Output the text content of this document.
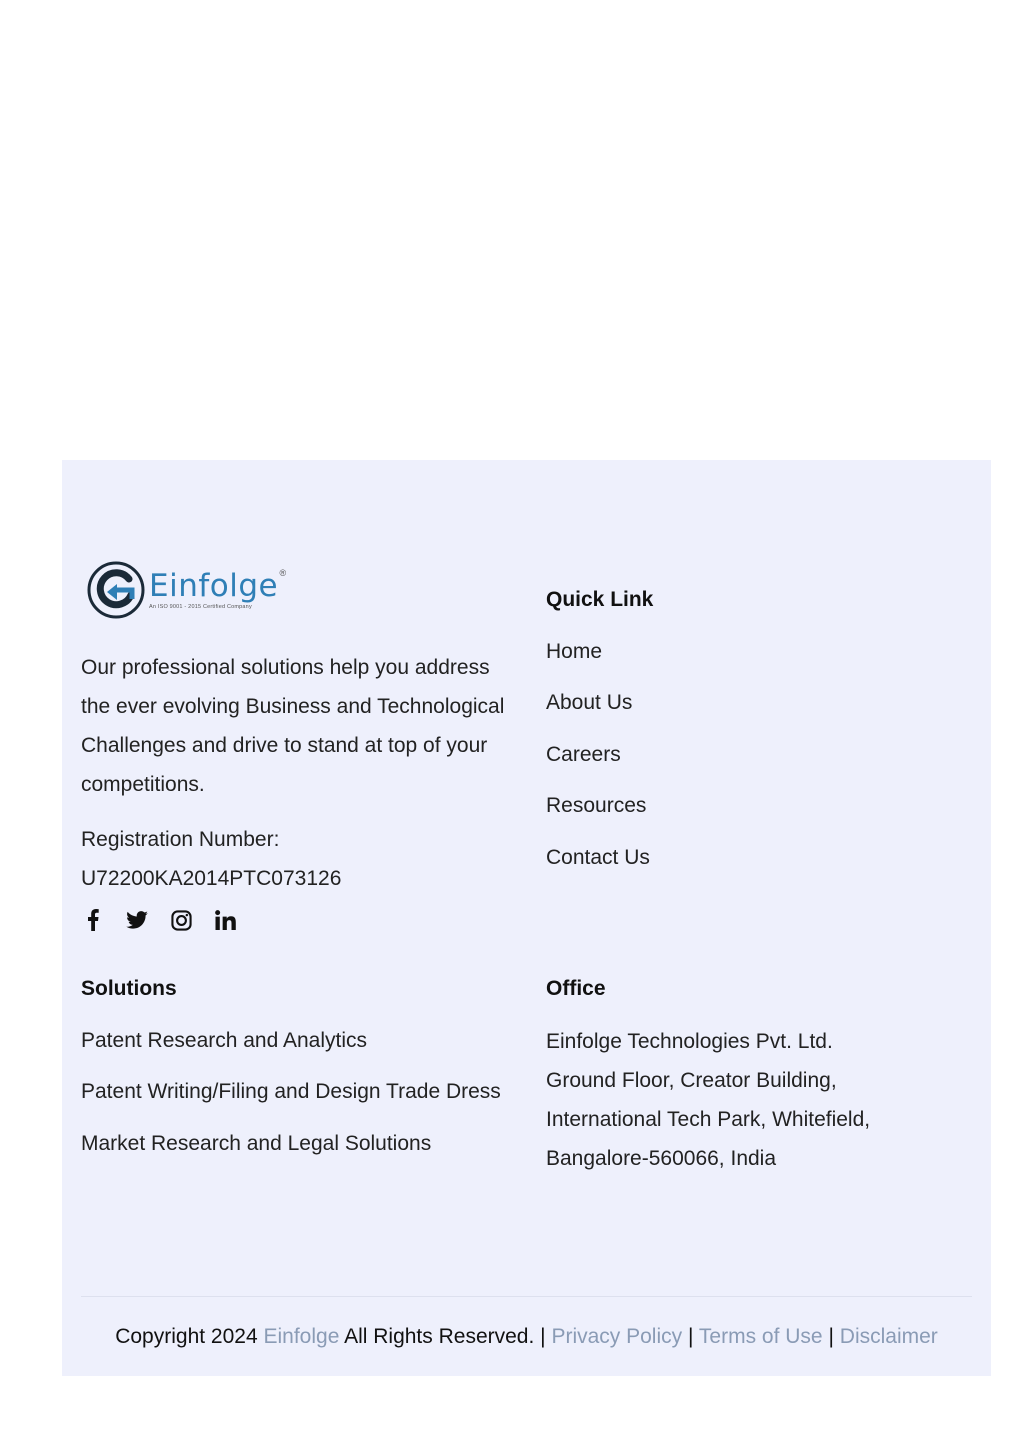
Einfolge ®
An ISO 9001 - 2015 Certified Company
Our professional solutions help you address the ever evolving Business and Technological Challenges and drive to stand at top of your competitions.
Registration Number:
U72200KA2014PTC073126
Quick Link
Home
About Us
Careers
Resources
Contact Us
Solutions
Patent Research and Analytics
Patent Writing/Filing and Design Trade Dress
Market Research and Legal Solutions
Office
Einfolge Technologies Pvt. Ltd.
Ground Floor, Creator Building,
International Tech Park, Whitefield,
Bangalore-560066, India
Copyright 2024 Einfolge All Rights Reserved. | Privacy Policy | Terms of Use | Disclaimer
